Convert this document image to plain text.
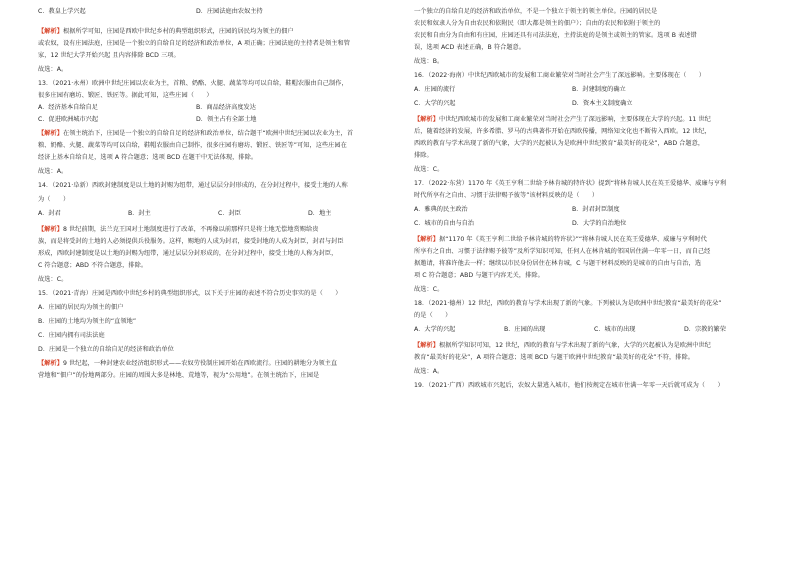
C．教皇上学兴起	D．庄园法庭由农奴主持
【解析】根据所学可知，庄园是西欧中世纪乡村的典型组织形式，庄园的居民均为领主的佃户
或农奴，设有庄园法庭，庄园是一个独立的自给自足的经济和政治单位，A 项正确；庄园法庭的主持者是领主和管
家，12 世纪大学开始兴起 且内容排除 BCD 三项。
故选：A。
13．（2021·永州）欧洲中世纪庄园以农业为主，首粮、奶酪、火腿、蔬菜等均可以自给，鞋帽农服由自己制作，
很多庄园有磨坊、锻匠、铁匠等。据此可知，这些庄园（　　）
A．经济基本自给自足	B．商品经济高度发达
C．促进欧洲城市兴起	D．领主占有全部土地
【解析】在领主统治下，庄园是一个独立的自给自足的经济和政治单位，结合题干“欧洲中世纪庄园以农业为主，首
粮、奶酪、火腿、蔬菜等均可以自给，鞋帽农服由自己制作，很多庄园有磨坊、锻匠、铁匠等”可知，这些庄园在
经济上基本自给自足，选项 A 符合题意；选项 BCD 在题干中无法体现，排除。
故选：A。
14．（2021·阜新）西欧封建制度是以土地的封赐为纽带，通过层层分封形成的，在分封过程中，接受土地的人称
为（　　）
A．封君	B．封主	C．封臣	D．地主
【解析】8 世纪前期，法兰克王国对土地制度进行了改革，不再像以前那样只是将土地无偿地赏赐给贵
族，而是将受封的土地的人必须提供兵役服务。这样，赐地的人成为封君，接受封地的人成为封臣，封君与封臣
形成，西欧封建制度是以土地的封赐为纽带，通过层层分封形成的，在分封过程中，接受土地的人称为封臣，
C 符合题意；ABD 不符合题意，排除。
故选：C。
15．（2021·青海）庄园是西欧中世纪乡村的典型组织形式，以下关于庄园的表述不符合历史事实的是（　　）
A．庄园的居民均为领主的佃户
B．庄园的土地均为领主的“直领地”
C．庄园内拥有司法法庭
D．庄园是一个独立的自给自足的经济和政治单位
【解析】9 世纪起，一种封建农业经济组织形式——农奴劳役制庄园开始在西欧流行。庄园的耕地分为领主直
营地和“佃户”的份地两部分。庄园的周围大多是林地、荒地等，视为“公用地”。在领主统治下，庄园是
一个独立的自给自足的经济和政治单位，不是一个独立于领主的领主单位。庄园的居民是
农民和奴隶人分为自由农民和依附民（即大都是领主的佃户）；自由的农民和依附于领主的
农民和自由分为自由和有庄园，庄园还具有司法法庭，主持法庭的是领主或领主的管家。选项 B 表述错
误，选项 ACD 表述正确，B 符合题意。
故选：B。
16．（2022·海南）中世纪西欧城市的发展和工商业繁荣对当时社会产生了深远影响。主要体现在（　　）
A．庄园的流行	B．封建制度的确立
C．大学的兴起	D．资本主义制度确立
【解析】中世纪西欧城市的发展和工商业繁荣对当时社会产生了深远影响，主要体现在大学的兴起。11 世纪
后，随着经济的发展，许多希腊、罗马的古典著作开始在西欧传播，网络知文化也不断传入西欧。12 世纪，
西欧的教育与学术出现了新的气象，大学的兴起被认为是欧洲中世纪教育“最美好的花朵”，ABD 合题意，
排除。
故选：C。
17．（2022·东营）1170 年《英王亨利二世给予林肯城的特许状》提到“将林肯城人民在英王爱德华、威廉与亨利
时代所享有之自由、习惯于法律赐予彼等”该材料反映的是（　　）
A．雅典的民主政治	B．封君封臣制度
C．城市的自由与自治	D．大学的自治地位
【解析】据“1170 年《英王亨利二世给予林肯城的特许状》”“将林肯城人民在英王爱德华、威廉与亨利时代
所享有之自由、习惯于法律赐予彼等”及所学知识可知，任何人在林肯城的邻国居住满一年零一日，而自己经
据邀请，将准许他去一样；继续以市民身份居住在林肯城，C 与题干材料反映的是城市的自由与自治，选
项 C 符合题意；ABD 与题干内容无关，排除。
故选：C。
18．（2021·德州）12 世纪，西欧的教育与学术出现了新的气象。下列被认为是欧洲中世纪教育“最美好的花朵”
的是（　　）
A．大学的兴起	B．庄园的出现	C．城市的出现	D．宗教的繁荣
【解析】根据所学知识可知，12 世纪，西欧的教育与学术出现了新的气象，大学的兴起被认为是欧洲中世纪
教育“最美好的花朵”，A 项符合题意；选项 BCD 与题干欧洲中世纪教育“最美好的花朵”不符，排除。
故选：A。
19．（2021·广西）西欧城市兴起后，农奴大量逃入城市，他们按规定在城市住满一年零一天后就可成为（　　）
